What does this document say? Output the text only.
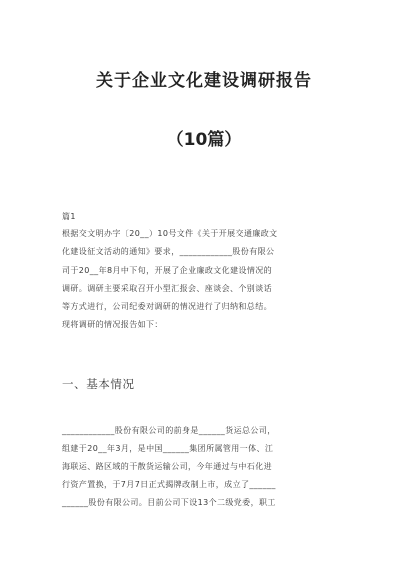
关于企业文化建设调研报告
（10篇）
篇1
根据交文明办字〔20__）10号文件《关于开展交通廉政文
化建设征文活动的通知》要求，____________股份有限公
司于20__年8月中下旬，开展了企业廉政文化建设情况的
调研。调研主要采取召开小型汇报会、座谈会、个别谈话
等方式进行，公司纪委对调研的情况进行了归纳和总结。
现将调研的情况报告如下：
一、基本情况
____________股份有限公司的前身是______货运总公司，
组建于20__年3月，是中国______集团所属管用一体、江
海联运、路区域的干散货运输公司，今年通过与中石化进
行资产置换，于7月7日正式揭牌改制上市，成立了______
______股份有限公司。目前公司下设13个二级党委，职工
